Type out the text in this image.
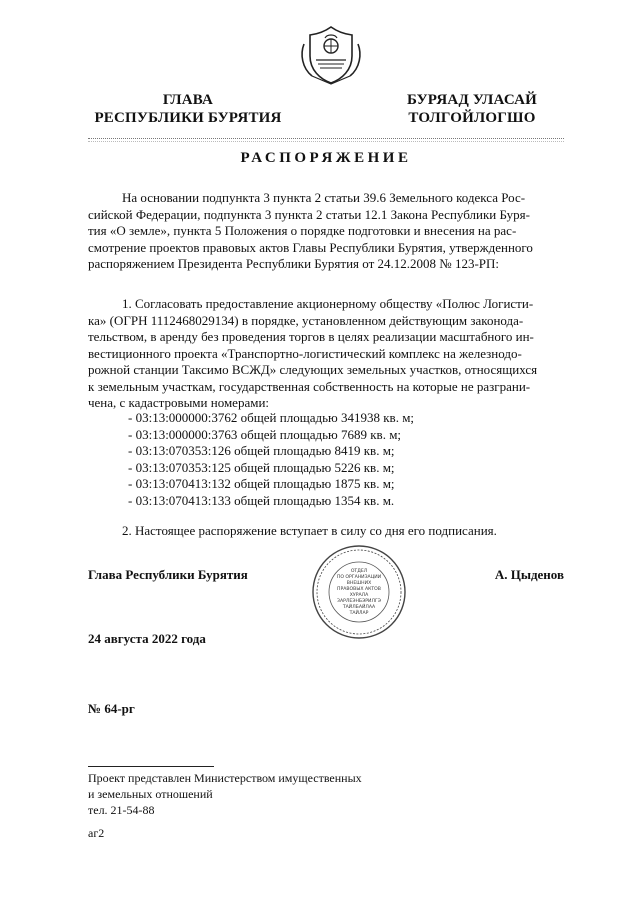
ГЛАВА
РЕСПУБЛИКИ БУРЯТИЯ
БУРЯАД УЛАСАЙ
ТОЛГОЙЛОГШО
РАСПОРЯЖЕНИЕ
На основании подпункта 3 пункта 2 статьи 39.6 Земельного кодекса Рос-
сийской Федерации, подпункта 3 пункта 2 статьи 12.1 Закона Республики Буря-
тия «О земле», пункта 5 Положения о порядке подготовки и внесения на рас-
смотрение проектов правовых актов Главы Республики Бурятия, утвержденного
распоряжением Президента Республики Бурятия от 24.12.2008 № 123-РП:
1. Согласовать предоставление акционерному обществу «Полюс Логисти-
ка» (ОГРН 1112468029134) в порядке, установленном действующим законода-
тельством, в аренду без проведения торгов в целях реализации масштабного ин-
вестиционного проекта «Транспортно-логистический комплекс на железнодо-
рожной станции Таксимо ВСЖД» следующих земельных участков, относящихся
к земельным участкам, государственная собственность на которые не разграни-
чена, с кадастровыми номерами:
- 03:13:000000:3762 общей площадью 341938 кв. м;
- 03:13:000000:3763 общей площадью 7689 кв. м;
- 03:13:070353:126 общей площадью 8419 кв. м;
- 03:13:070353:125 общей площадью 5226 кв. м;
- 03:13:070413:132 общей площадью 1875 кв. м;
- 03:13:070413:133 общей площадью 1354 кв. м.
2. Настоящее распоряжение вступает в силу со дня его подписания.
Глава Республики Бурятия	ОТДЕЛ
ПО ОРГАНИЗАЦИИ
ВНЕШНИХ
ПРАВОВЫХ АКТОВ
ХУРАЛА
ЗАРЛЕЭНБЭРИЛГЭ
ТАЙЛБАЙЛАА
ТАЙЛАР
А. Цыденов
24 августа 2022 года
№ 64-рг
Проект представлен Министерством имущественных
и земельных отношений
тел. 21-54-88
аг2
